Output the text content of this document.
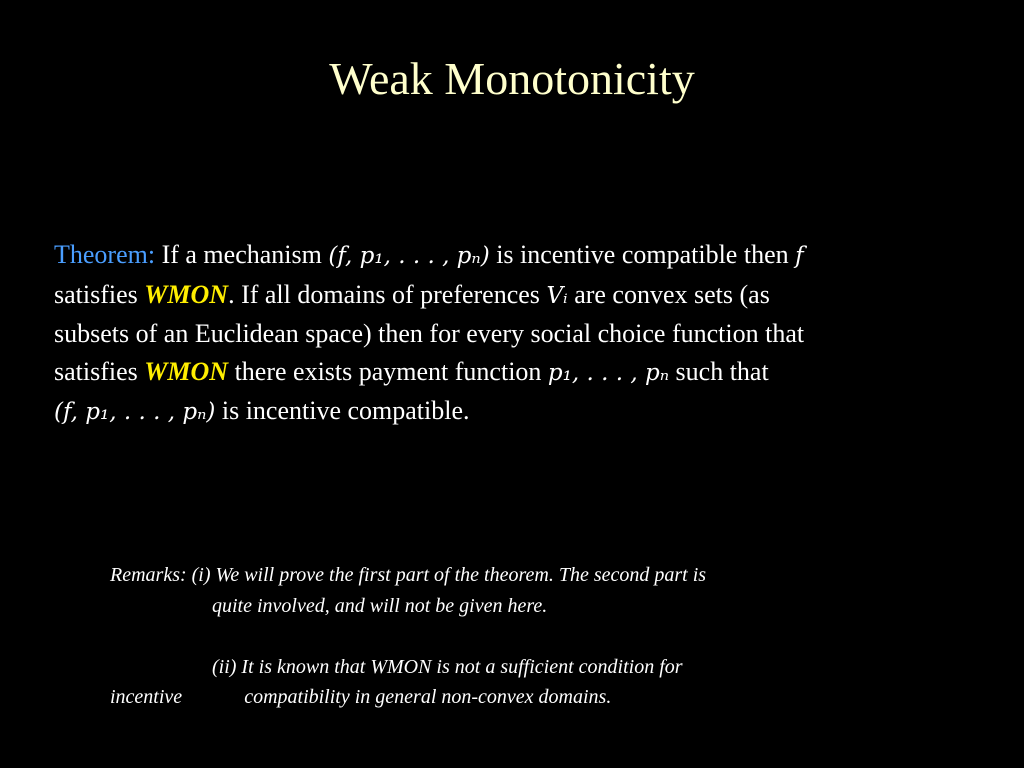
Weak Monotonicity
Theorem: If a mechanism (f, p₁, . . . , pₙ) is incentive compatible then f
satisfies WMON. If all domains of preferences Vᵢ are convex sets (as
subsets of an Euclidean space) then for every social choice function that
satisfies WMON there exists payment function p₁, . . . , pₙ such that
(f, p₁, . . . , pₙ) is incentive compatible.
Remarks: (i) We will prove the first part of the theorem. The second part is
quite involved, and will not be given here.
(ii) It is known that WMON is not a sufficient condition for
incentive	compatibility in general non-convex domains.
